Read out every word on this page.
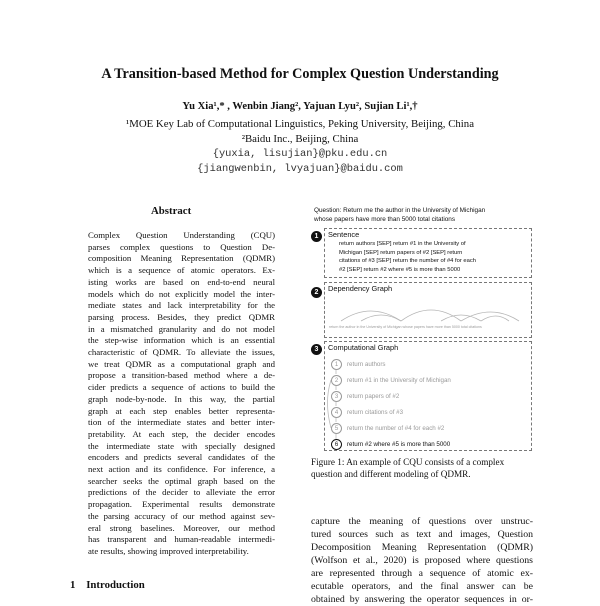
A Transition-based Method for Complex Question Understanding
Yu Xia¹,* , Wenbin Jiang², Yajuan Lyu², Sujian Li¹,†
¹MOE Key Lab of Computational Linguistics, Peking University, Beijing, China
²Baidu Inc., Beijing, China
{yuxia, lisujian}@pku.edu.cn
{jiangwenbin, lvyajuan}@baidu.com
Abstract
Complex Question Understanding (CQU)
parses complex questions to Question De-
composition Meaning Representation (QDMR)
which is a sequence of atomic operators. Ex-
isting works are based on end-to-end neural
models which do not explicitly model the inter-
mediate states and lack interpretability for the
parsing process. Besides, they predict QDMR
in a mismatched granularity and do not model
the step-wise information which is an essential
characteristic of QDMR. To alleviate the issues,
we treat QDMR as a computational graph and
propose a transition-based method where a de-
cider predicts a sequence of actions to build the
graph node-by-node. In this way, the partial
graph at each step enables better representa-
tion of the intermediate states and better inter-
pretability. At each step, the decider encodes
the intermediate state with specially designed
encoders and predicts several candidates of the
next action and its confidence. For inference, a
searcher seeks the optimal graph based on the
predictions of the decider to alleviate the error
propagation. Experimental results demonstrate
the parsing accuracy of our method against sev-
eral strong baselines. Moreover, our method
has transparent and human-readable intermedi-
ate results, showing improved interpretability.
1 Introduction
Question: Return me the author in the University of Michigan
whose papers have more than 5000 total citations
1	Sentence
return authors [SEP] return #1 in the University of
Michigan [SEP] return papers of #2 [SEP] return
citations of #3 [SEP] return the number of #4 for each
#2 [SEP] return #2 where #5 is more than 5000
2	Dependency Graph
return the author in the University of Michigan whose papers have more than 5000 total citations
3	Computational Graph
1	return authors
2	return #1 in the University of Michigan
3	return papers of #2
4	return citations of #3
5	return the number of #4 for each #2
6	return #2 where #5 is more than 5000
Figure 1: An example of CQU consists of a complex
question and different modeling of QDMR.
capture the meaning of questions over unstruc-
tured sources such as text and images, Question
Decomposition Meaning Representation (QDMR)
(Wolfson et al., 2020) is proposed where questions
are represented through a sequence of atomic ex-
ecutable operators, and the final answer can be
obtained by answering the operator sequences in or-
